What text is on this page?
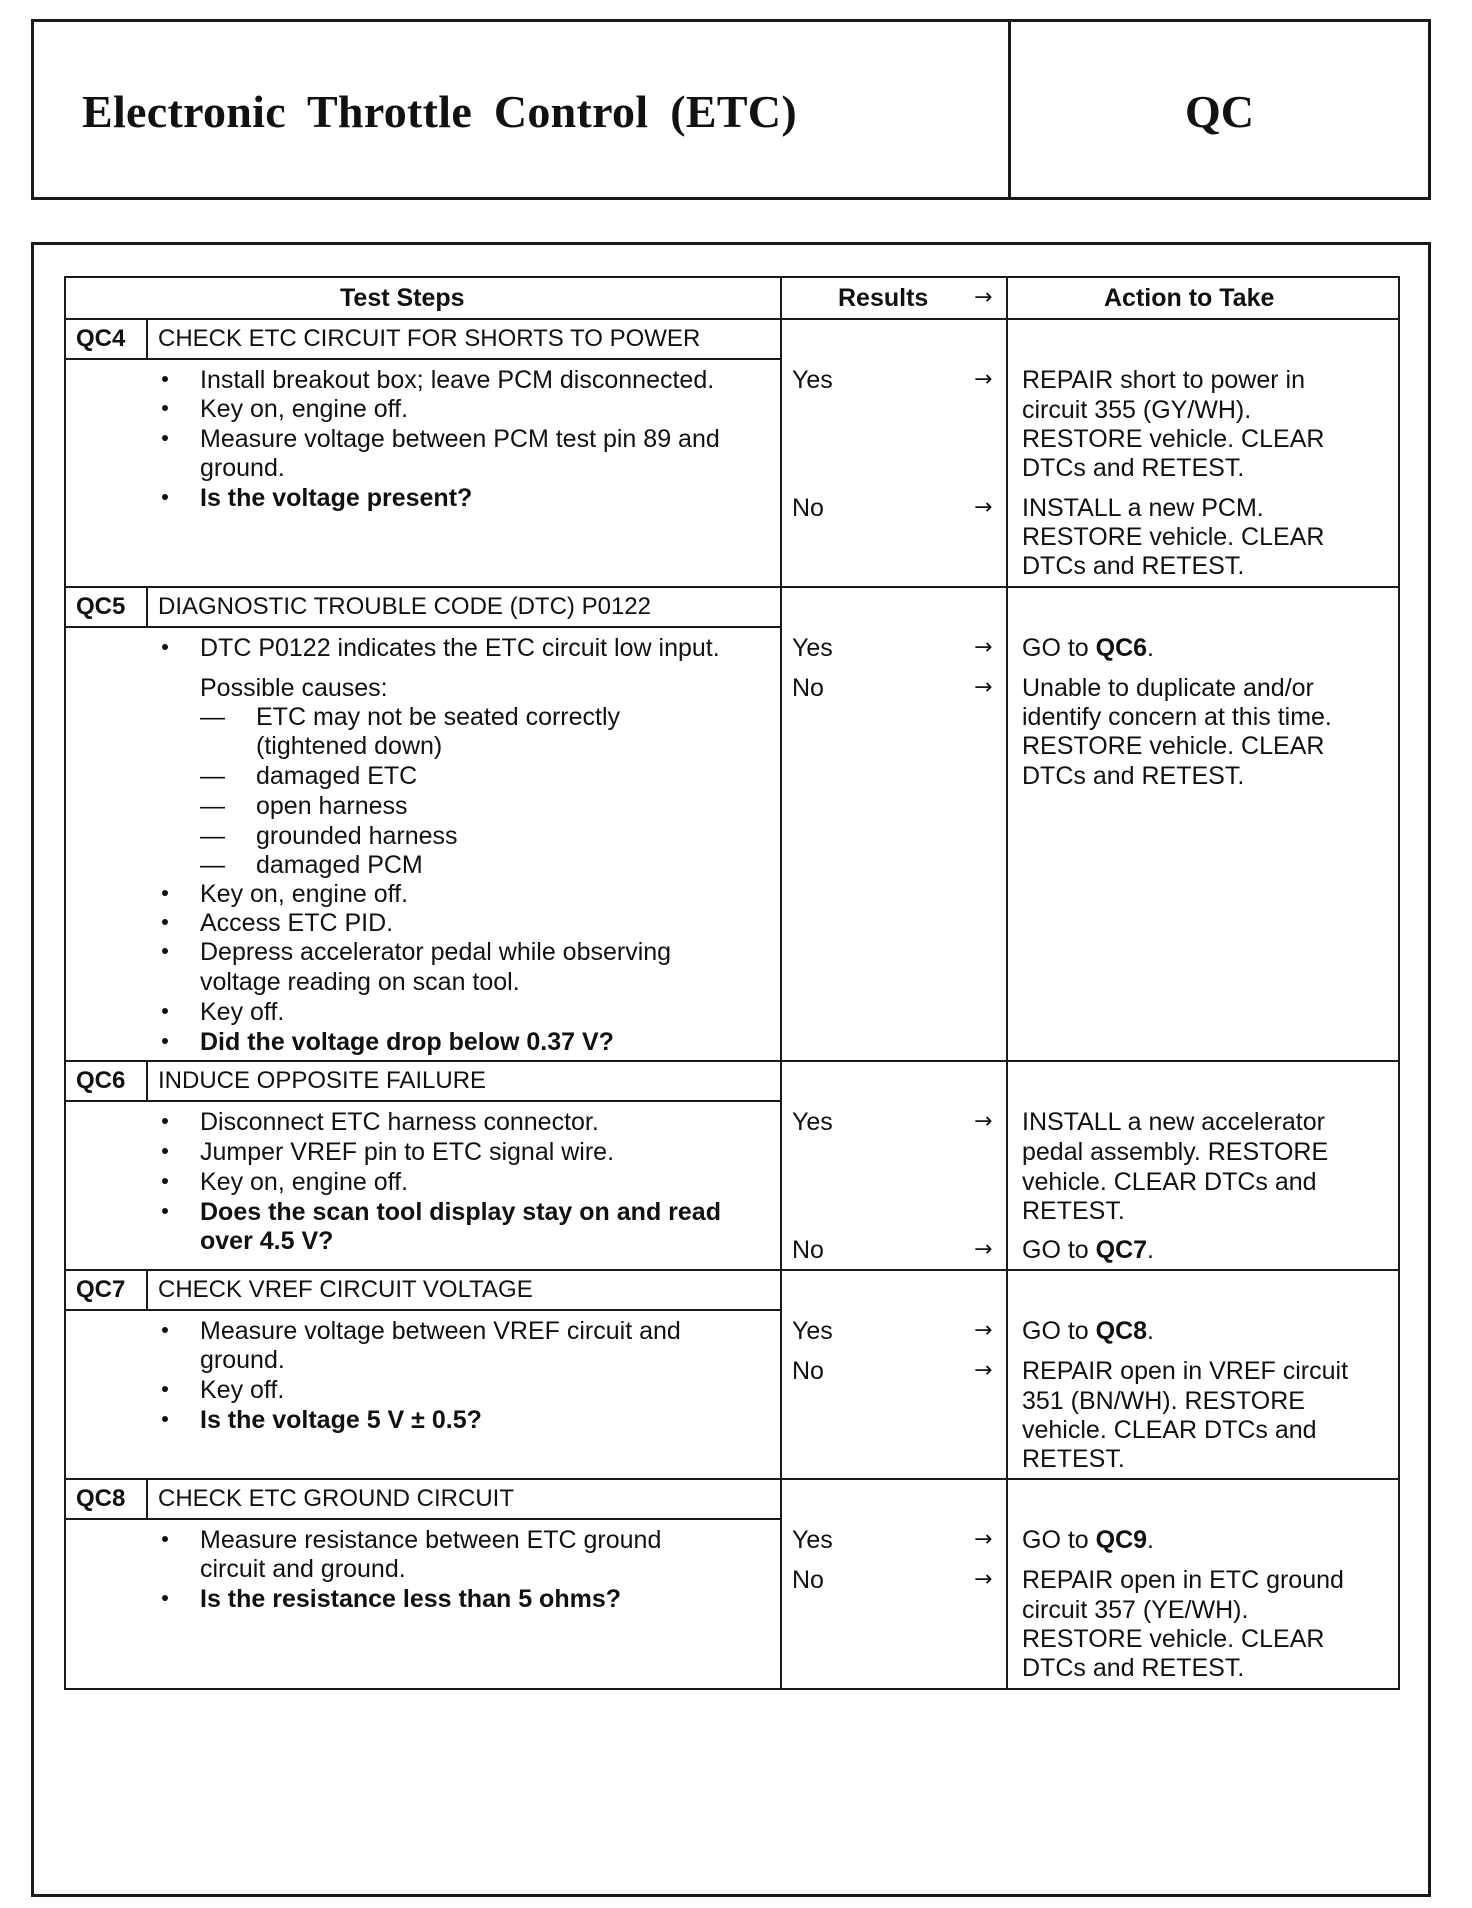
Electronic Throttle Control (ETC)	QC
Test Steps	Results →	Action to Take
QC4 CHECK ETC CIRCUIT FOR SHORTS TO POWER
Install breakout box; leave PCM disconnected.
Key on, engine off.
Measure voltage between PCM test pin 89 and
ground.
Is the voltage present?
Yes	→ REPAIR short to power in
circuit 355 (GY/WH).
RESTORE vehicle. CLEAR
DTCs and RETEST.
No	→ INSTALL a new PCM.
RESTORE vehicle. CLEAR
DTCs and RETEST.
QC5 DIAGNOSTIC TROUBLE CODE (DTC) P0122
DTC P0122 indicates the ETC circuit low input.
Possible causes:
— ETC may not be seated correctly
(tightened down)
— damaged ETC
— open harness
— grounded harness
— damaged PCM
Key on, engine off.
Access ETC PID.
Depress accelerator pedal while observing
voltage reading on scan tool.
Key off.
Did the voltage drop below 0.37 V?
Yes	→ GO to QC6.
No	→ Unable to duplicate and/or
identify concern at this time.
RESTORE vehicle. CLEAR
DTCs and RETEST.
QC6 INDUCE OPPOSITE FAILURE
Disconnect ETC harness connector.
Jumper VREF pin to ETC signal wire.
Key on, engine off.
Does the scan tool display stay on and read
over 4.5 V?
Yes	→ INSTALL a new accelerator
pedal assembly. RESTORE
vehicle. CLEAR DTCs and
RETEST.
No	→ GO to QC7.
QC7 CHECK VREF CIRCUIT VOLTAGE
Measure voltage between VREF circuit and
ground.
Key off.
Is the voltage 5 V ± 0.5?
Yes	→ GO to QC8.
No	→ REPAIR open in VREF circuit
351 (BN/WH). RESTORE
vehicle. CLEAR DTCs and
RETEST.
QC8 CHECK ETC GROUND CIRCUIT
Measure resistance between ETC ground
circuit and ground.
Is the resistance less than 5 ohms?
Yes	→ GO to QC9.
No	→ REPAIR open in ETC ground
circuit 357 (YE/WH).
RESTORE vehicle. CLEAR
DTCs and RETEST.
